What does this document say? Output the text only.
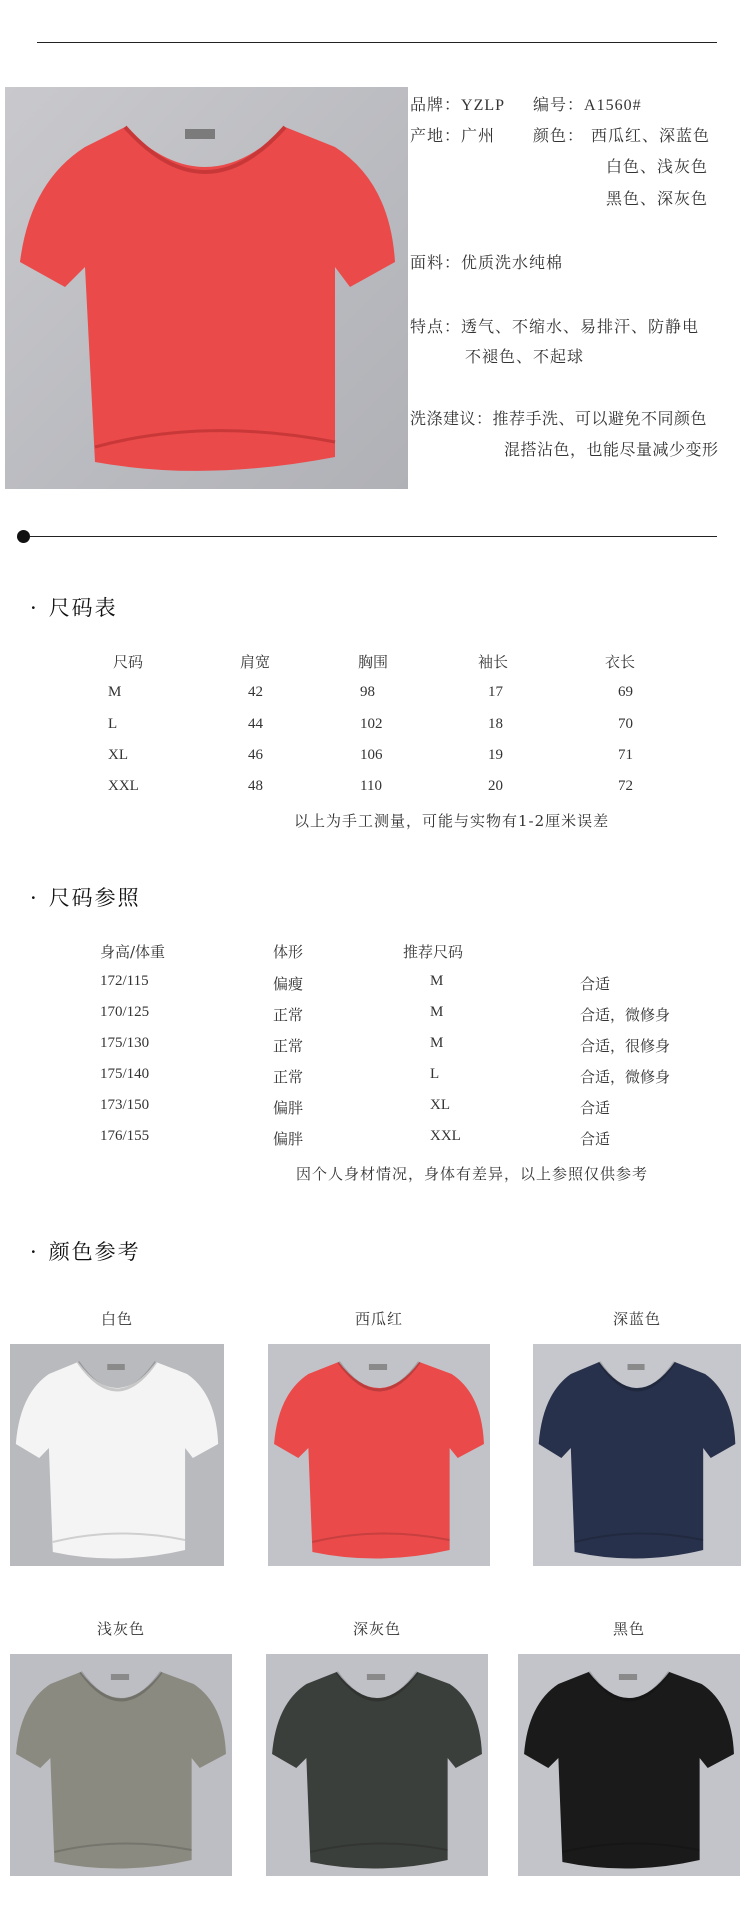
品牌：YZLP 编号：A1560#
产地：广州 颜色： 西瓜红、深蓝色
白色、浅灰色
黑色、深灰色
面料：优质洗水纯棉
特点：透气、不缩水、易排汗、防静电
不褪色、不起球
洗涤建议：推荐手洗、可以避免不同颜色
混搭沾色，也能尽量减少变形
· 尺码表
尺码	肩宽	胸围	袖长	衣长
M	42	98	17	69
L	44	102	18	70
XL	46	106	19	71
XXL	48	110	20	72
以上为手工测量，可能与实物有1-2厘米误差
· 尺码参照
身高/体重	体形	推荐尺码
172/115	偏瘦	M	合适
170/125	正常	M	合适，微修身
175/130	正常	M	合适，很修身
175/140	正常	L	合适，微修身
173/150	偏胖	XL	合适
176/155	偏胖	XXL	合适
因个人身材情况，身体有差异，以上参照仅供参考
· 颜色参考
白色	西瓜红	深蓝色
浅灰色	深灰色	黑色
